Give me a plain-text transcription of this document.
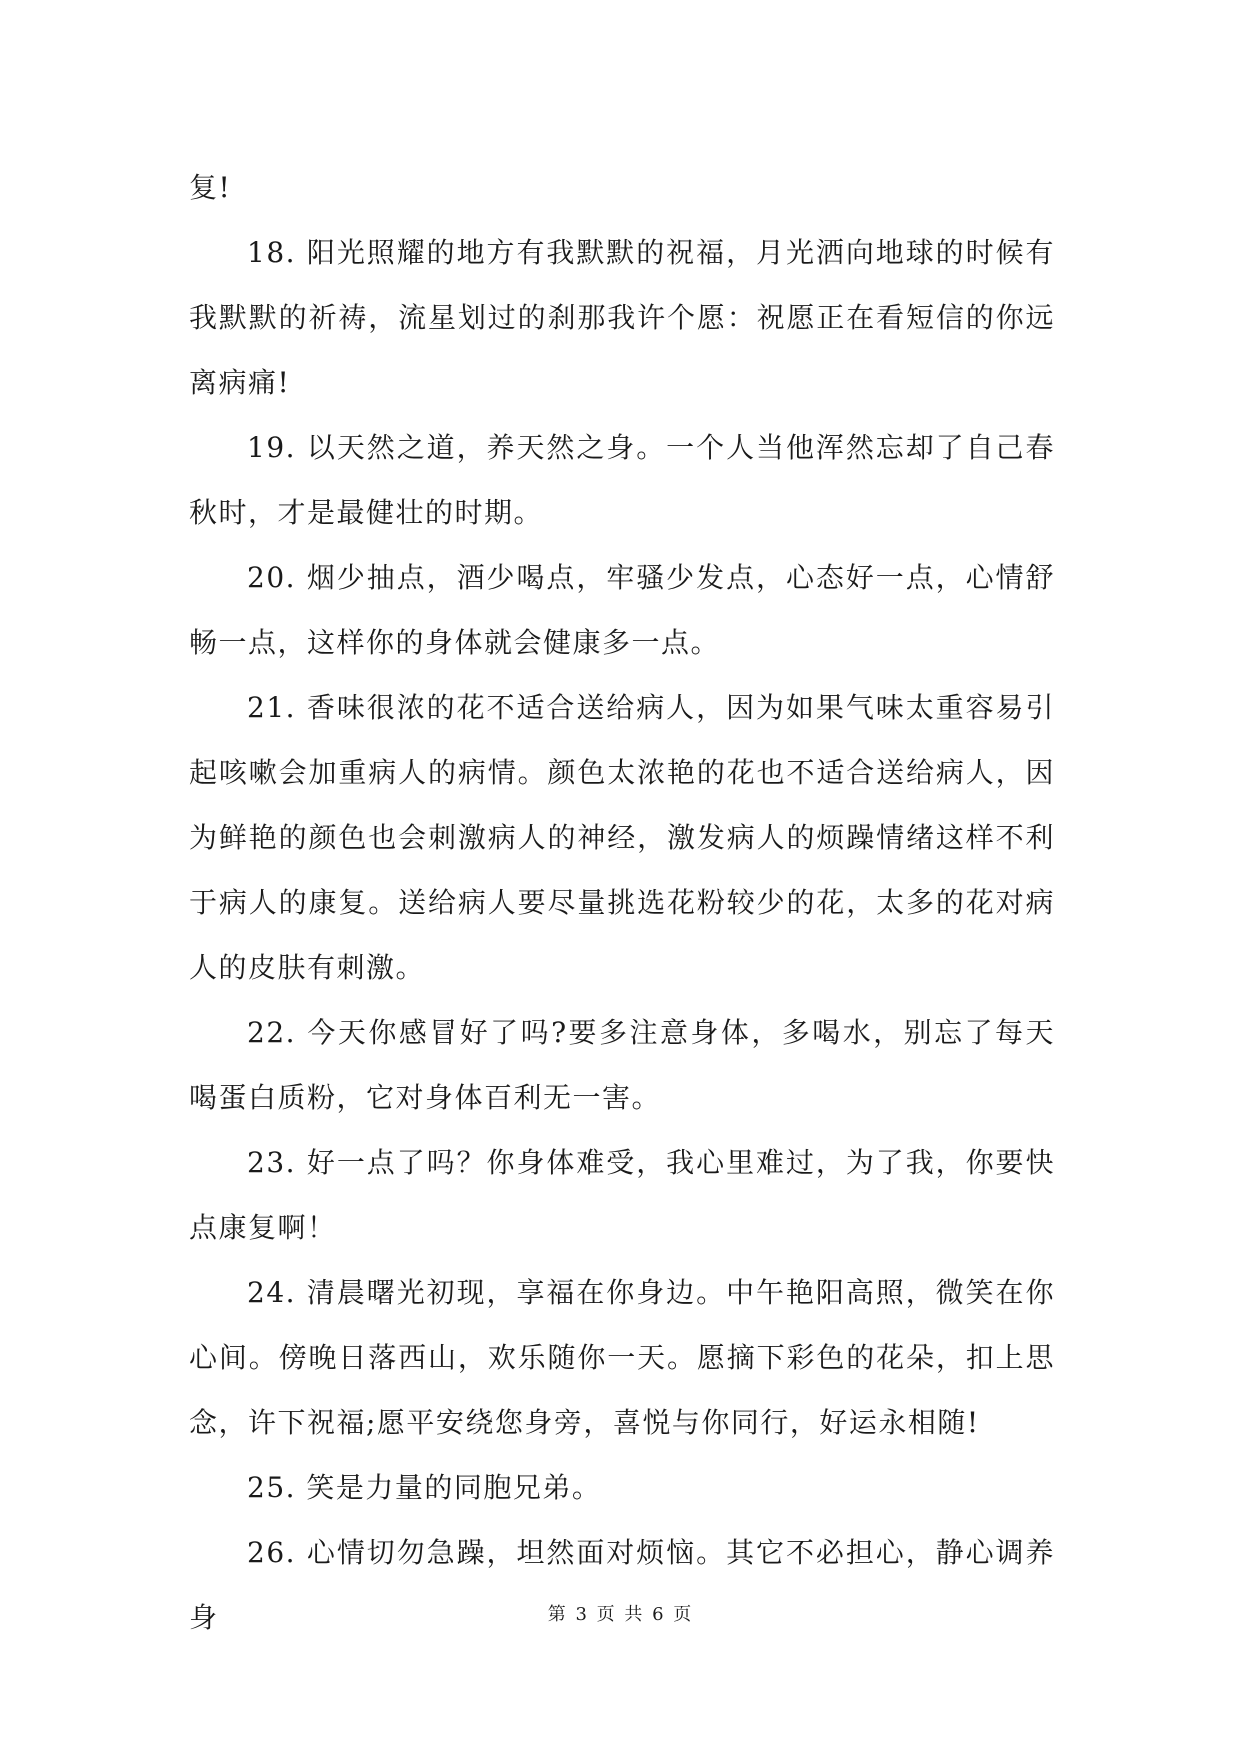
复!

18. 阳光照耀的地方有我默默的祝福，月光洒向地球的时候有我默默的祈祷，流星划过的刹那我许个愿：祝愿正在看短信的你远离病痛!

19. 以天然之道，养天然之身。一个人当他浑然忘却了自己春秋时，才是最健壮的时期。

20. 烟少抽点，酒少喝点，牢骚少发点，心态好一点，心情舒畅一点，这样你的身体就会健康多一点。

21. 香味很浓的花不适合送给病人，因为如果气味太重容易引起咳嗽会加重病人的病情。颜色太浓艳的花也不适合送给病人，因为鲜艳的颜色也会刺激病人的神经，激发病人的烦躁情绪这样不利于病人的康复。送给病人要尽量挑选花粉较少的花，太多的花对病人的皮肤有刺激。

22. 今天你感冒好了吗?要多注意身体，多喝水，别忘了每天喝蛋白质粉，它对身体百利无一害。

23. 好一点了吗？你身体难受，我心里难过，为了我，你要快点康复啊！

24. 清晨曙光初现，享福在你身边。中午艳阳高照，微笑在你心间。傍晚日落西山，欢乐随你一天。愿摘下彩色的花朵，扣上思念，许下祝福;愿平安绕您身旁，喜悦与你同行，好运永相随!

25. 笑是力量的同胞兄弟。

26. 心情切勿急躁，坦然面对烦恼。其它不必担心，静心调养身	第 3 页 共 6 页
